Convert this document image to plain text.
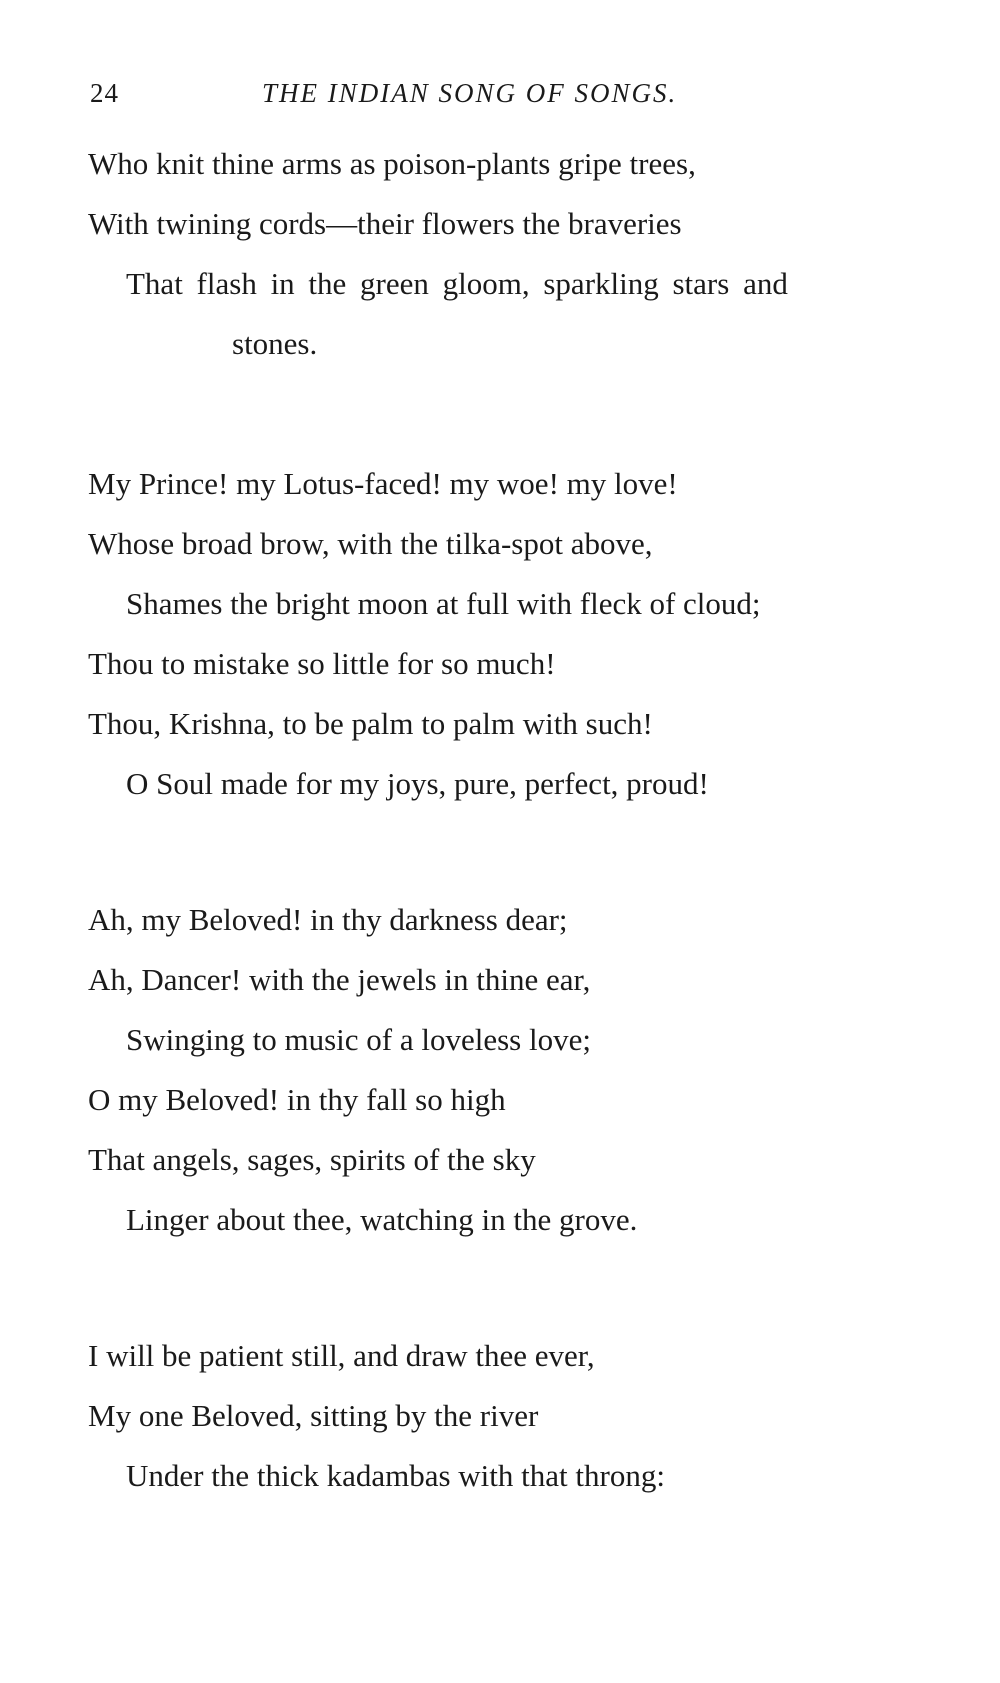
24	THE INDIAN SONG OF SONGS.
Who knit thine arms as poison-plants gripe trees,
With twining cords—their flowers the braveries
That flash in the green gloom, sparkling stars and
stones.
My Prince! my Lotus-faced! my woe! my love!
Whose broad brow, with the tilka-spot above,
Shames the bright moon at full with fleck of cloud;
Thou to mistake so little for so much!
Thou, Krishna, to be palm to palm with such!
O Soul made for my joys, pure, perfect, proud!
Ah, my Beloved! in thy darkness dear;
Ah, Dancer! with the jewels in thine ear,
Swinging to music of a loveless love;
O my Beloved! in thy fall so high
That angels, sages, spirits of the sky
Linger about thee, watching in the grove.
I will be patient still, and draw thee ever,
My one Beloved, sitting by the river
Under the thick kadambas with that throng:
